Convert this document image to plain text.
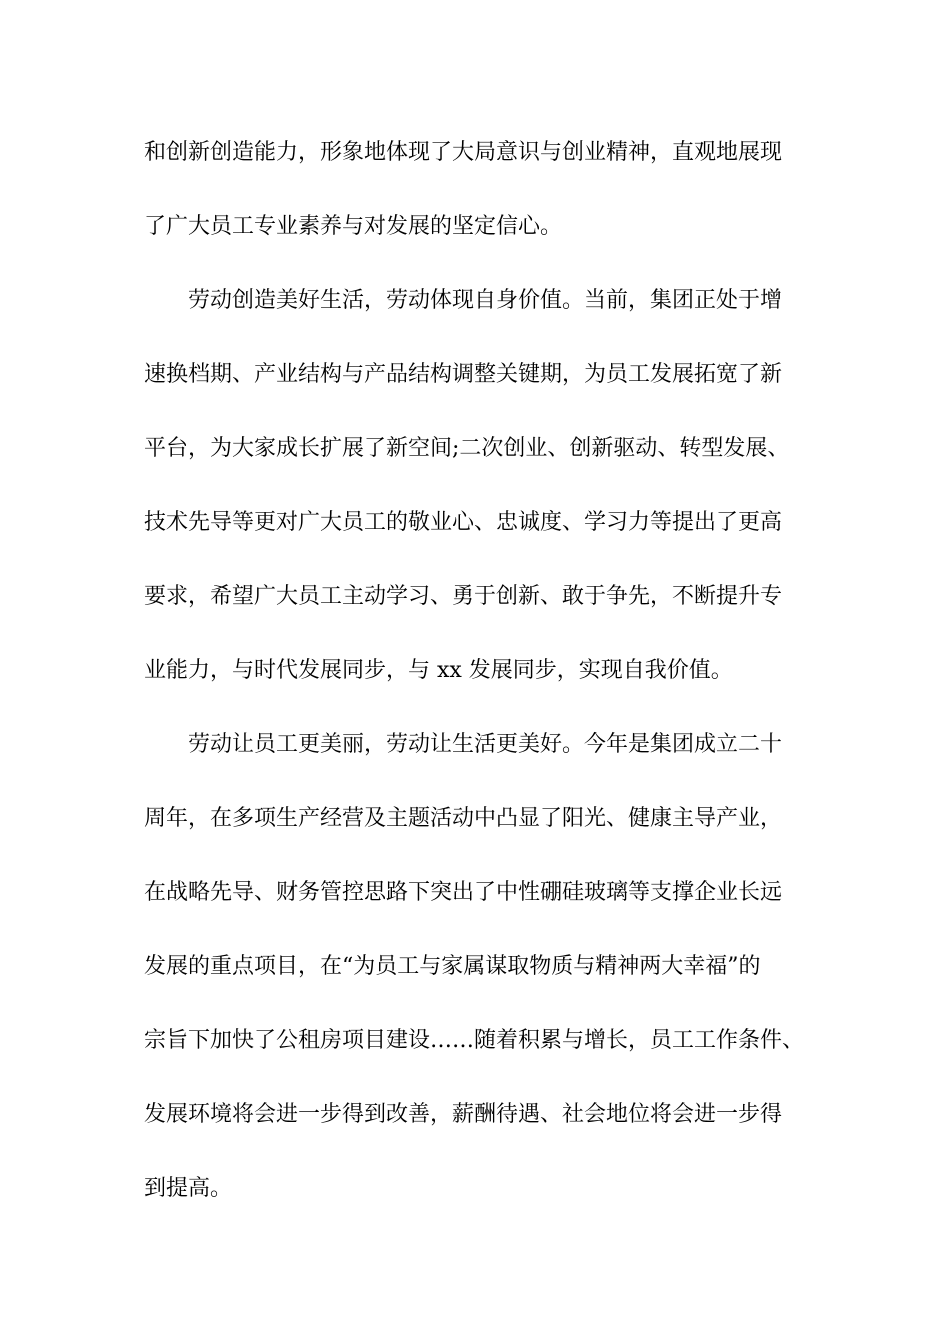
和创新创造能力，形象地体现了大局意识与创业精神，直观地展现
了广大员工专业素养与对发展的坚定信心。
劳动创造美好生活，劳动体现自身价值。当前，集团正处于增
速换档期、产业结构与产品结构调整关键期，为员工发展拓宽了新
平台，为大家成长扩展了新空间;二次创业、创新驱动、转型发展、
技术先导等更对广大员工的敬业心、忠诚度、学习力等提出了更高
要求，希望广大员工主动学习、勇于创新、敢于争先，不断提升专
业能力，与时代发展同步，与 xx 发展同步，实现自我价值。
劳动让员工更美丽，劳动让生活更美好。今年是集团成立二十
周年，在多项生产经营及主题活动中凸显了阳光、健康主导产业，
在战略先导、财务管控思路下突出了中性硼硅玻璃等支撑企业长远
发展的重点项目，在“为员工与家属谋取物质与精神两大幸福”的
宗旨下加快了公租房项目建设……随着积累与增长，员工工作条件、
发展环境将会进一步得到改善，薪酬待遇、社会地位将会进一步得
到提高。
